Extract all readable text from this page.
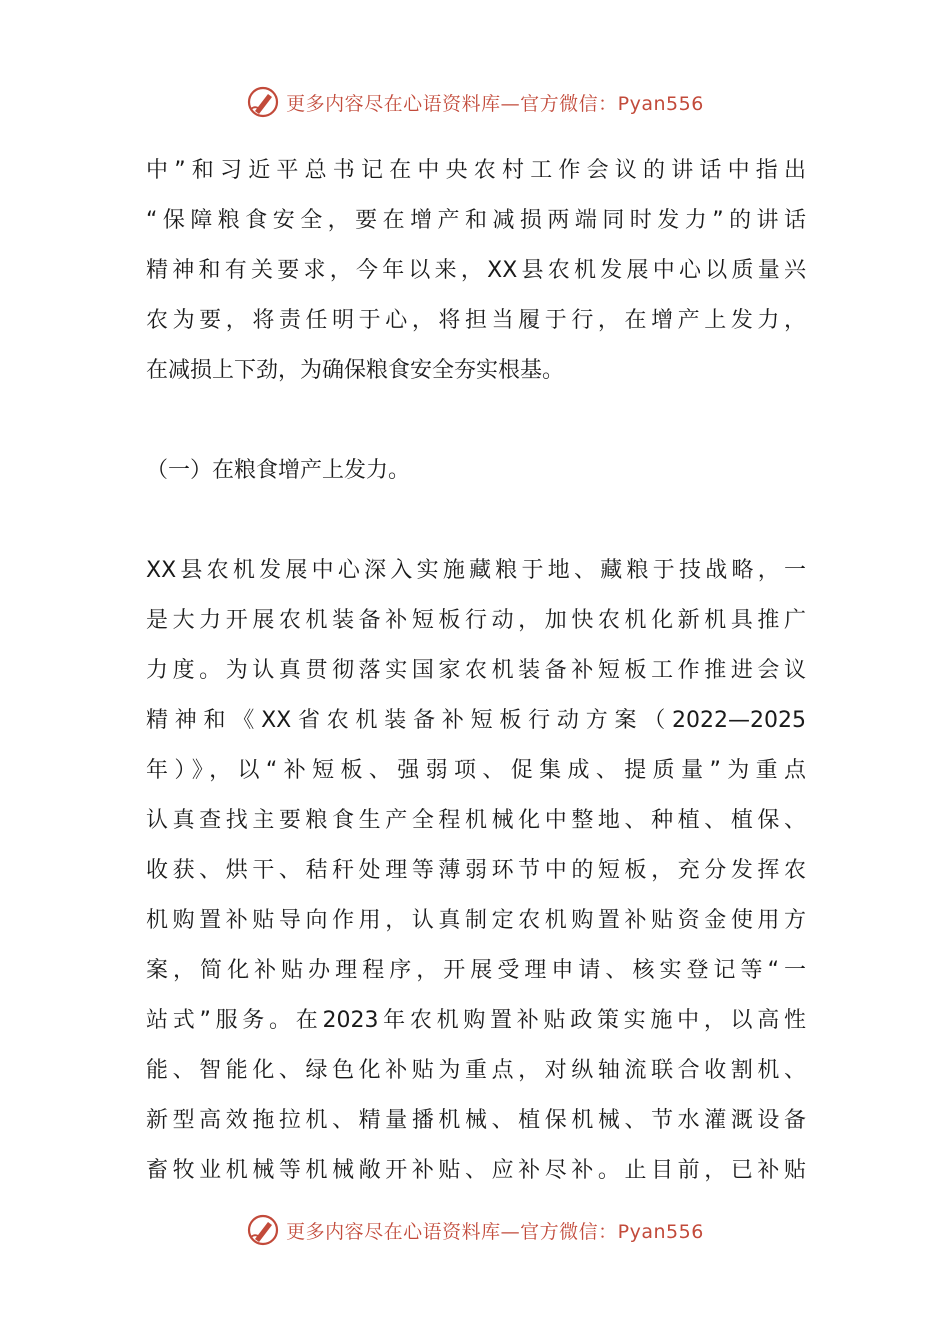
更多内容尽在心语资料库—官方微信：Pyan556
中”和习近平总书记在中央农村工作会议的讲话中指出
“保障粮食安全，要在增产和减损两端同时发力”的讲话
精神和有关要求，今年以来，XX县农机发展中心以质量兴
农为要，将责任明于心，将担当履于行，在增产上发力，
在减损上下劲，为确保粮食安全夯实根基。
（一）在粮食增产上发力。
XX县农机发展中心深入实施藏粮于地、藏粮于技战略，一
是大力开展农机装备补短板行动，加快农机化新机具推广
力度。为认真贯彻落实国家农机装备补短板工作推进会议
精神和《XX省农机装备补短板行动方案（2022—2025
年）》，以“补短板、强弱项、促集成、提质量”为重点
认真查找主要粮食生产全程机械化中整地、种植、植保、
收获、烘干、秸秆处理等薄弱环节中的短板，充分发挥农
机购置补贴导向作用，认真制定农机购置补贴资金使用方
案，简化补贴办理程序，开展受理申请、核实登记等“一
站式”服务。在2023年农机购置补贴政策实施中，以高性
能、智能化、绿色化补贴为重点，对纵轴流联合收割机、
新型高效拖拉机、精量播机械、植保机械、节水灌溉设备
畜牧业机械等机械敞开补贴、应补尽补。止目前，已补贴
更多内容尽在心语资料库—官方微信：Pyan556
